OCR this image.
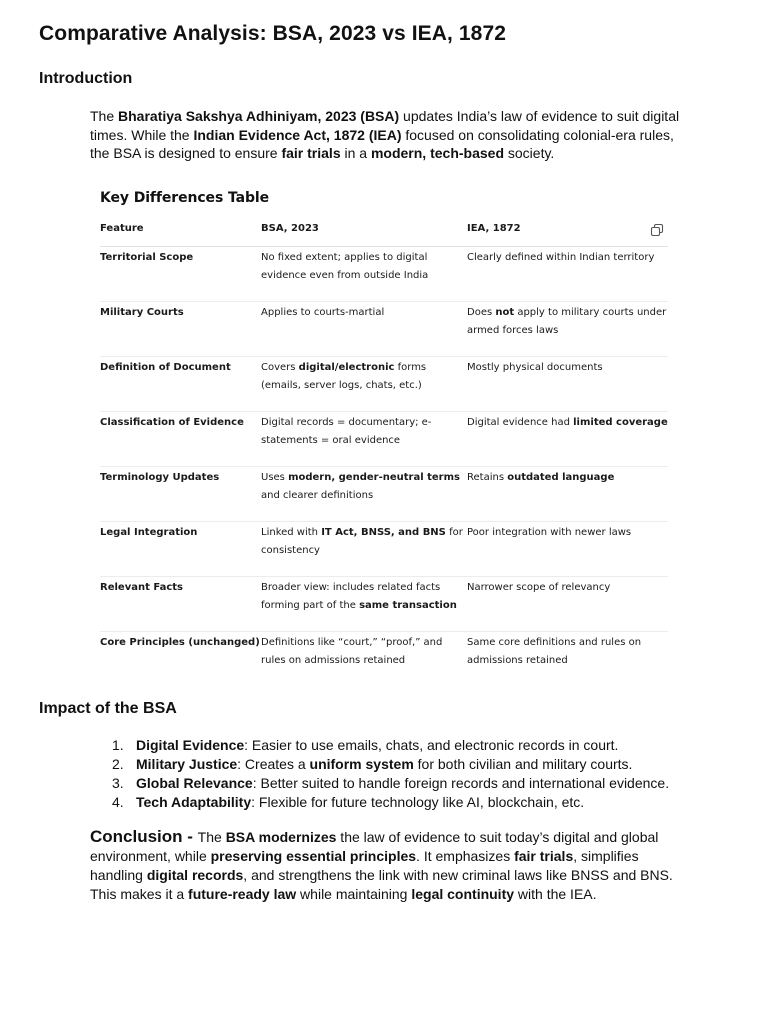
Comparative Analysis: BSA, 2023 vs IEA, 1872
Introduction

The Bharatiya Sakshya Adhiniyam, 2023 (BSA) updates India’s law of evidence to suit digital times. While the Indian Evidence Act, 1872 (IEA) focused on consolidating colonial-era rules, the BSA is designed to ensure fair trials in a modern, tech-based society.

Key Differences Table
Feature	BSA, 2023	IEA, 1872
Territorial Scope	No fixed extent; applies to digital evidence even from outside India	Clearly defined within Indian territory
Military Courts	Applies to courts-martial	Does not apply to military courts under armed forces laws
Definition of Document	Covers digital/electronic forms (emails, server logs, chats, etc.)	Mostly physical documents
Classification of Evidence	Digital records = documentary; e-statements = oral evidence	Digital evidence had limited coverage
Terminology Updates	Uses modern, gender-neutral terms and clearer definitions	Retains outdated language
Legal Integration	Linked with IT Act, BNSS, and BNS for consistency	Poor integration with newer laws
Relevant Facts	Broader view: includes related facts forming part of the same transaction	Narrower scope of relevancy
Core Principles (unchanged)	Definitions like “court,” “proof,” and rules on admissions retained	Same core definitions and rules on admissions retained
Impact of the BSA
1. Digital Evidence: Easier to use emails, chats, and electronic records in court.
2. Military Justice: Creates a uniform system for both civilian and military courts.
3. Global Relevance: Better suited to handle foreign records and international evidence.
4. Tech Adaptability: Flexible for future technology like AI, blockchain, etc.

Conclusion - The BSA modernizes the law of evidence to suit today’s digital and global environment, while preserving essential principles. It emphasizes fair trials, simplifies handling digital records, and strengthens the link with new criminal laws like BNSS and BNS. This makes it a future-ready law while maintaining legal continuity with the IEA.
